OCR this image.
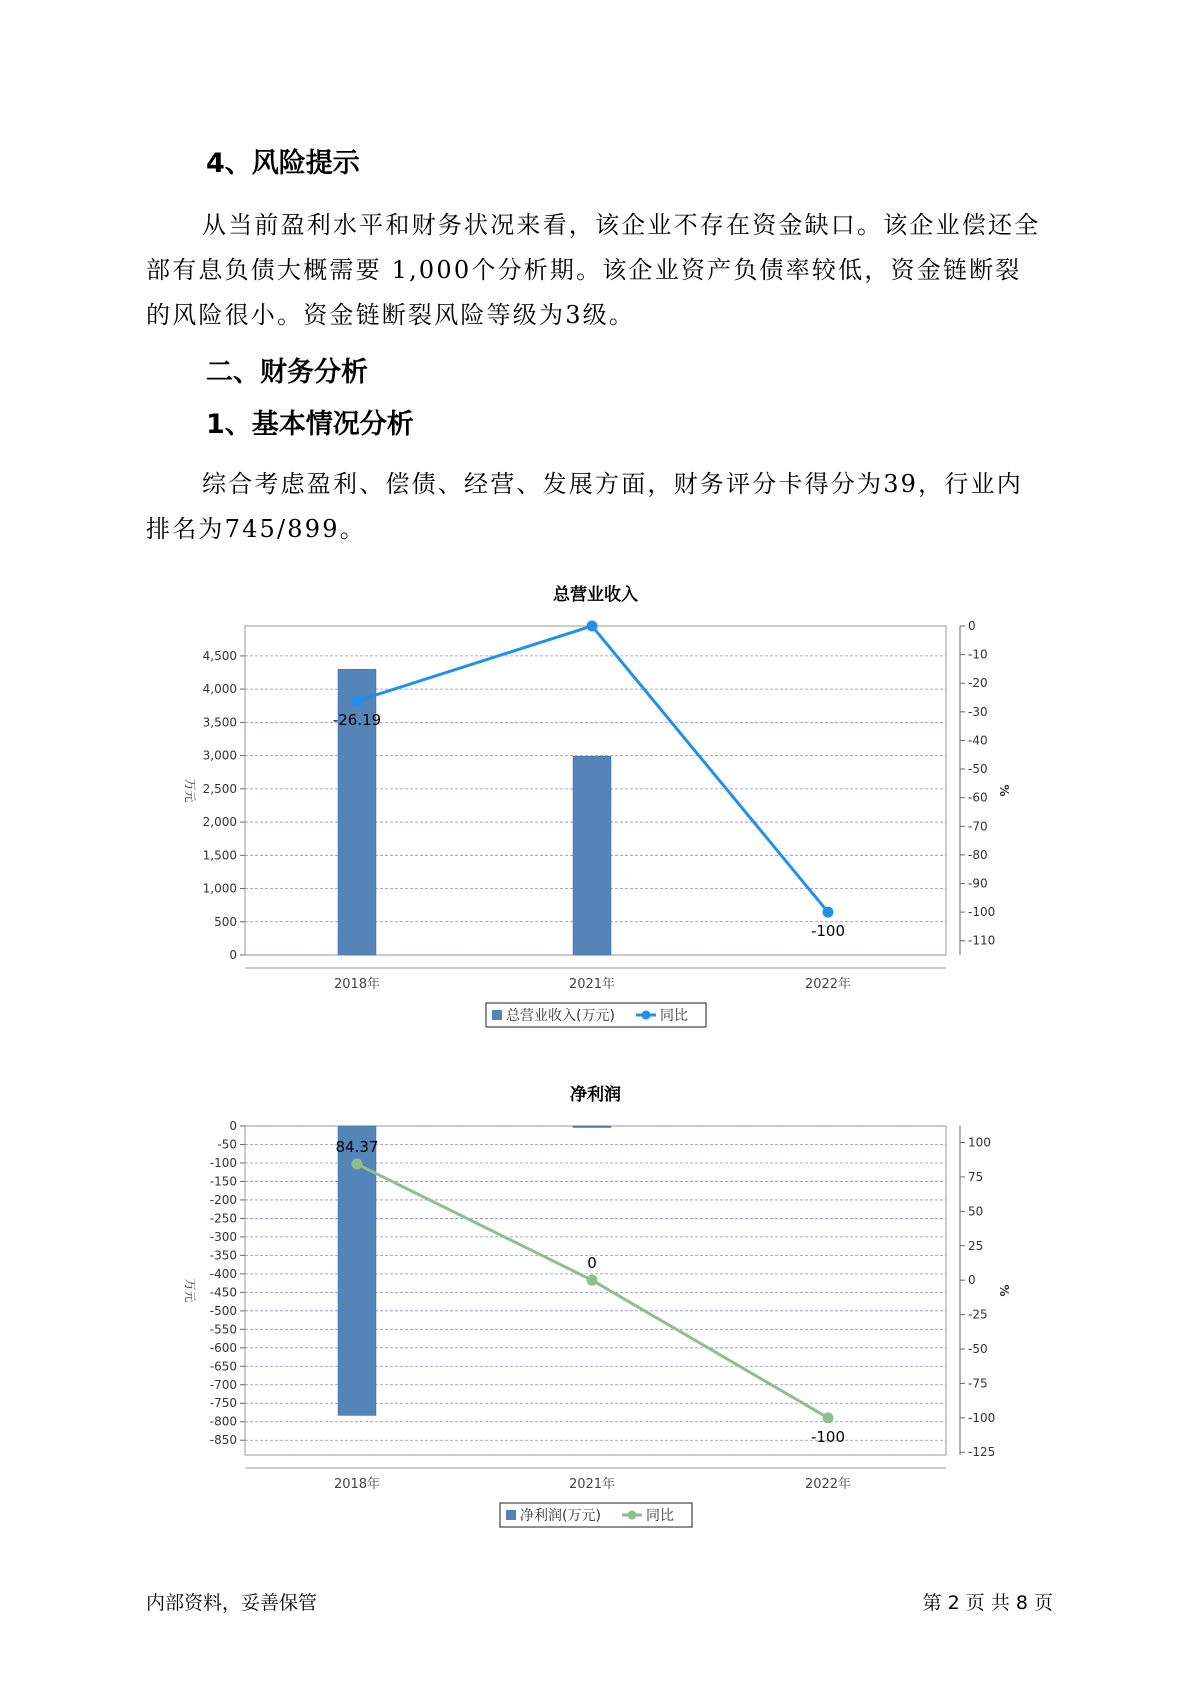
4、风险提示

从当前盈利水平和财务状况来看，该企业不存在资金缺口。该企业偿还全部有息负债大概需要 1,000个分析期。该企业资产负债率较低，资金链断裂的风险很小。资金链断裂风险等级为3级。

二、财务分析
1、基本情况分析

综合考虑盈利、偿债、经营、发展方面，财务评分卡得分为39，行业内排名为745/899。

总营业收入
0
500
1,000
1,500
2,000
2,500
3,000
3,500
4,000
4,500
0
-10
-20
-30
-40
-50
-60
-70
-80
-90
-100
-110
万元	%
2018年	2021年	2022年
-26.19
-100
总营业收入(万元)	同比
净利润
0
-50
-100
-150
-200
-250
-300
-350
-400
-450
-500
-550
-600
-650
-700
-750
-800
-850
100
75
50
25
0
-25
-50
-75
-100
-125
万元	%
2018年	2021年	2022年
84.37
0
-100
净利润(万元)	同比
内部资料，妥善保管	第 2 页 共 8 页
